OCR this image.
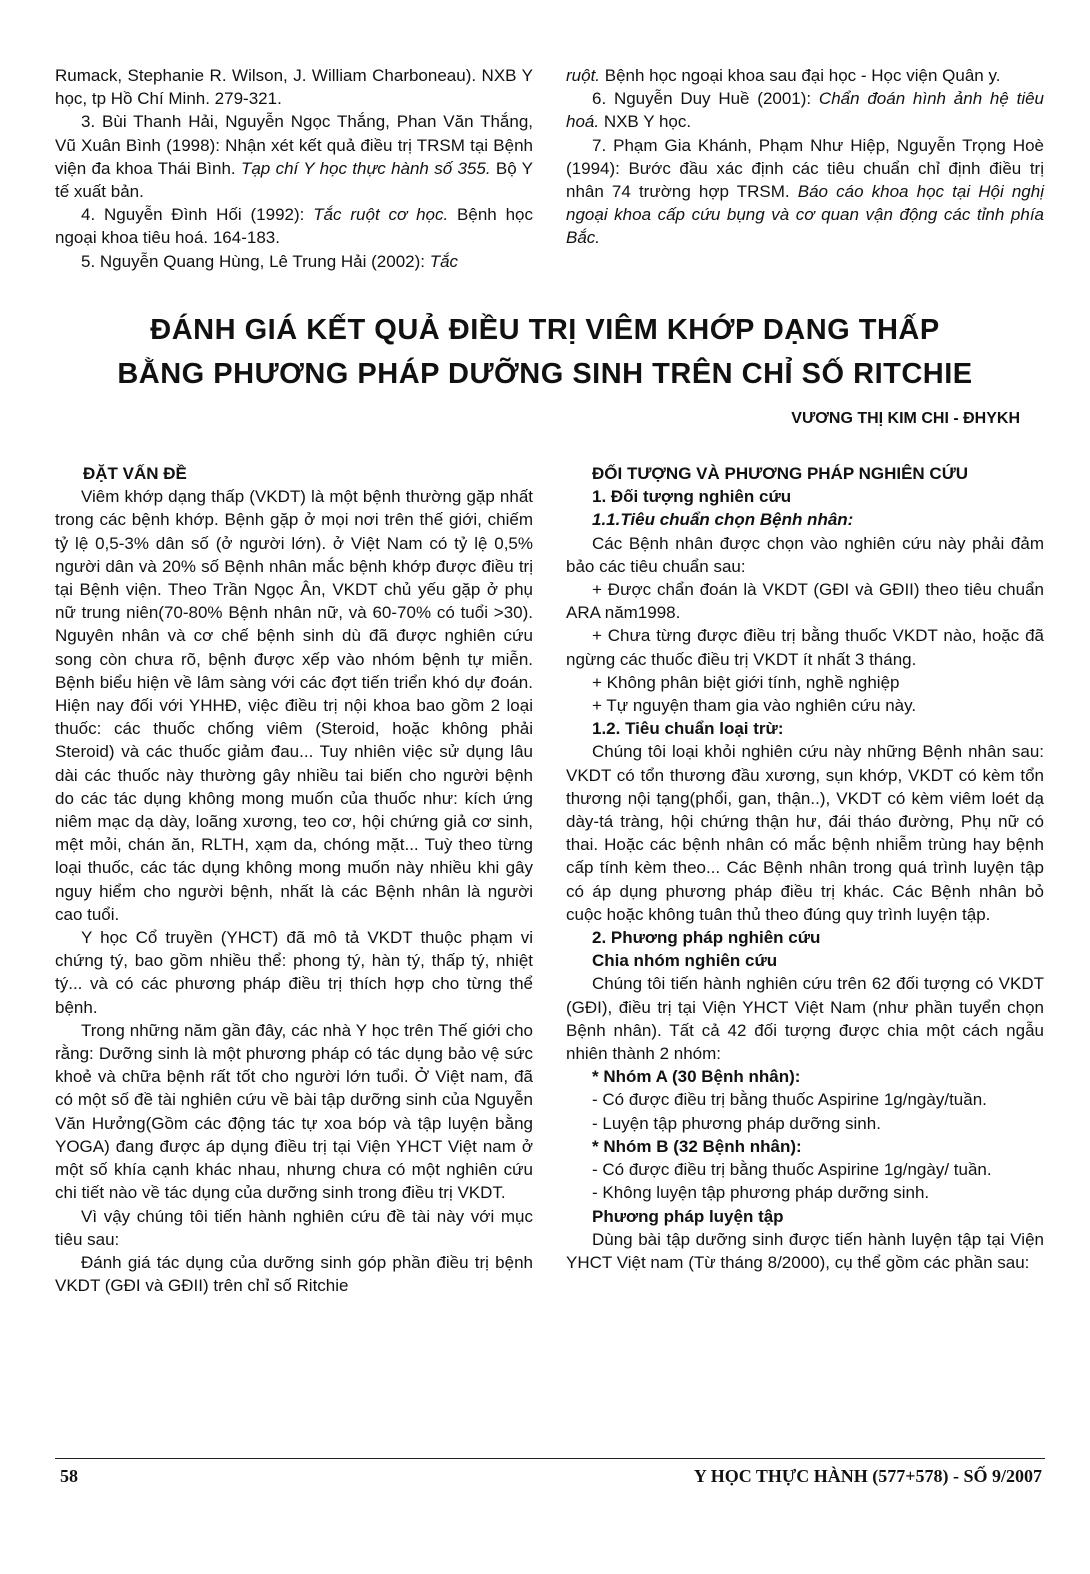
Rumack, Stephanie R. Wilson, J. William Charboneau). NXB Y học, tp Hồ Chí Minh. 279-321.

3. Bùi Thanh Hải, Nguyễn Ngọc Thắng, Phan Văn Thắng, Vũ Xuân Bình (1998): Nhận xét kết quả điều trị TRSM tại Bệnh viện đa khoa Thái Bình. Tạp chí Y học thực hành số 355. Bộ Y tế xuất bản.

4. Nguyễn Đình Hối (1992): Tắc ruột cơ học. Bệnh học ngoại khoa tiêu hoá. 164-183.

5. Nguyễn Quang Hùng, Lê Trung Hải (2002): Tắc

ruột. Bệnh học ngoại khoa sau đại học - Học viện Quân y.

6. Nguyễn Duy Huề (2001): Chẩn đoán hình ảnh hệ tiêu hoá. NXB Y học.

7. Phạm Gia Khánh, Phạm Như Hiệp, Nguyễn Trọng Hoè (1994): Bước đầu xác định các tiêu chuẩn chỉ định điều trị nhân 74 trường hợp TRSM. Báo cáo khoa học tại Hội nghị ngoại khoa cấp cứu bụng và cơ quan vận động các tỉnh phía Bắc.

ĐÁNH GIÁ KẾT QUẢ ĐIỀU TRỊ VIÊM KHỚP DẠNG THẤP
BẰNG PHƯƠNG PHÁP DƯỠNG SINH TRÊN CHỈ SỐ RITCHIE
VƯƠNG THỊ KIM CHI - ĐHYKH

ĐẶT VẤN ĐỀ

Viêm khớp dạng thấp (VKDT) là một bệnh thường gặp nhất trong các bệnh khớp. Bệnh gặp ở mọi nơi trên thế giới, chiếm tỷ lệ 0,5-3% dân số (ở người lớn). ở Việt Nam có tỷ lệ 0,5% người dân và 20% số Bệnh nhân mắc bệnh khớp được điều trị tại Bệnh viện. Theo Trần Ngọc Ân, VKDT chủ yếu gặp ở phụ nữ trung niên(70-80% Bệnh nhân nữ, và 60-70% có tuổi >30). Nguyên nhân và cơ chế bệnh sinh dù đã được nghiên cứu song còn chưa rõ, bệnh được xếp vào nhóm bệnh tự miễn. Bệnh biểu hiện về lâm sàng với các đợt tiến triển khó dự đoán. Hiện nay đối với YHHĐ, việc điều trị nội khoa bao gồm 2 loại thuốc: các thuốc chống viêm (Steroid, hoặc không phải Steroid) và các thuốc giảm đau... Tuy nhiên việc sử dụng lâu dài các thuốc này thường gây nhiều tai biến cho người bệnh do các tác dụng không mong muốn của thuốc như: kích ứng niêm mạc dạ dày, loãng xương, teo cơ, hội chứng giả cơ sinh, mệt mỏi, chán ăn, RLTH, xạm da, chóng mặt... Tuỳ theo từng loại thuốc, các tác dụng không mong muốn này nhiều khi gây nguy hiểm cho người bệnh, nhất là các Bệnh nhân là người cao tuổi.

Y học Cổ truyền (YHCT) đã mô tả VKDT thuộc phạm vi chứng tý, bao gồm nhiều thể: phong tý, hàn tý, thấp tý, nhiệt tý... và có các phương pháp điều trị thích hợp cho từng thể bệnh.

Trong những năm gần đây, các nhà Y học trên Thế giới cho rằng: Dưỡng sinh là một phương pháp có tác dụng bảo vệ sức khoẻ và chữa bệnh rất tốt cho người lớn tuổi. Ở Việt nam, đã có một số đề tài nghiên cứu về bài tập dưỡng sinh của Nguyễn Văn Hưởng(Gồm các động tác tự xoa bóp và tập luyện bằng YOGA) đang được áp dụng điều trị tại Viện YHCT Việt nam ở một số khía cạnh khác nhau, nhưng chưa có một nghiên cứu chi tiết nào về tác dụng của dưỡng sinh trong điều trị VKDT.

Vì vậy chúng tôi tiến hành nghiên cứu đề tài này với mục tiêu sau:

Đánh giá tác dụng của dưỡng sinh góp phần điều trị bệnh VKDT (GĐI và GĐII) trên chỉ số Ritchie

ĐỐI TƯỢNG VÀ PHƯƠNG PHÁP NGHIÊN CỨU

1. Đối tượng nghiên cứu

1.1.Tiêu chuẩn chọn Bệnh nhân:

Các Bệnh nhân được chọn vào nghiên cứu này phải đảm bảo các tiêu chuẩn sau:

+ Được chẩn đoán là VKDT (GĐI và GĐII) theo tiêu chuẩn ARA năm1998.

+ Chưa từng được điều trị bằng thuốc VKDT nào, hoặc đã ngừng các thuốc điều trị VKDT ít nhất 3 tháng.

+ Không phân biệt giới tính, nghề nghiệp

+ Tự nguyện tham gia vào nghiên cứu này.

1.2. Tiêu chuẩn loại trừ:

Chúng tôi loại khỏi nghiên cứu này những Bệnh nhân sau: VKDT có tổn thương đầu xương, sụn khớp, VKDT có kèm tổn thương nội tạng(phổi, gan, thận..), VKDT có kèm viêm loét dạ dày-tá tràng, hội chứng thận hư, đái tháo đường, Phụ nữ có thai. Hoặc các bệnh nhân có mắc bệnh nhiễm trùng hay bệnh cấp tính kèm theo... Các Bệnh nhân trong quá trình luyện tập có áp dụng phương pháp điều trị khác. Các Bệnh nhân bỏ cuộc hoặc không tuân thủ theo đúng quy trình luyện tập.

2. Phương pháp nghiên cứu

Chia nhóm nghiên cứu

Chúng tôi tiến hành nghiên cứu trên 62 đối tượng có VKDT (GĐI), điều trị tại Viện YHCT Việt Nam (như phần tuyển chọn Bệnh nhân). Tất cả 42 đối tượng được chia một cách ngẫu nhiên thành 2 nhóm:

* Nhóm A (30 Bệnh nhân):

- Có được điều trị bằng thuốc Aspirine 1g/ngày/tuần.

- Luyện tập phương pháp dưỡng sinh.

* Nhóm B (32 Bệnh nhân):

- Có được điều trị bằng thuốc Aspirine 1g/ngày/ tuần.

- Không luyện tập phương pháp dưỡng sinh.

Phương pháp luyện tập

Dùng bài tập dưỡng sinh được tiến hành luyện tập tại Viện YHCT Việt nam (Từ tháng 8/2000), cụ thể gồm các phần sau:

58	Y HỌC THỰC HÀNH (577+578) - SỐ 9/2007
